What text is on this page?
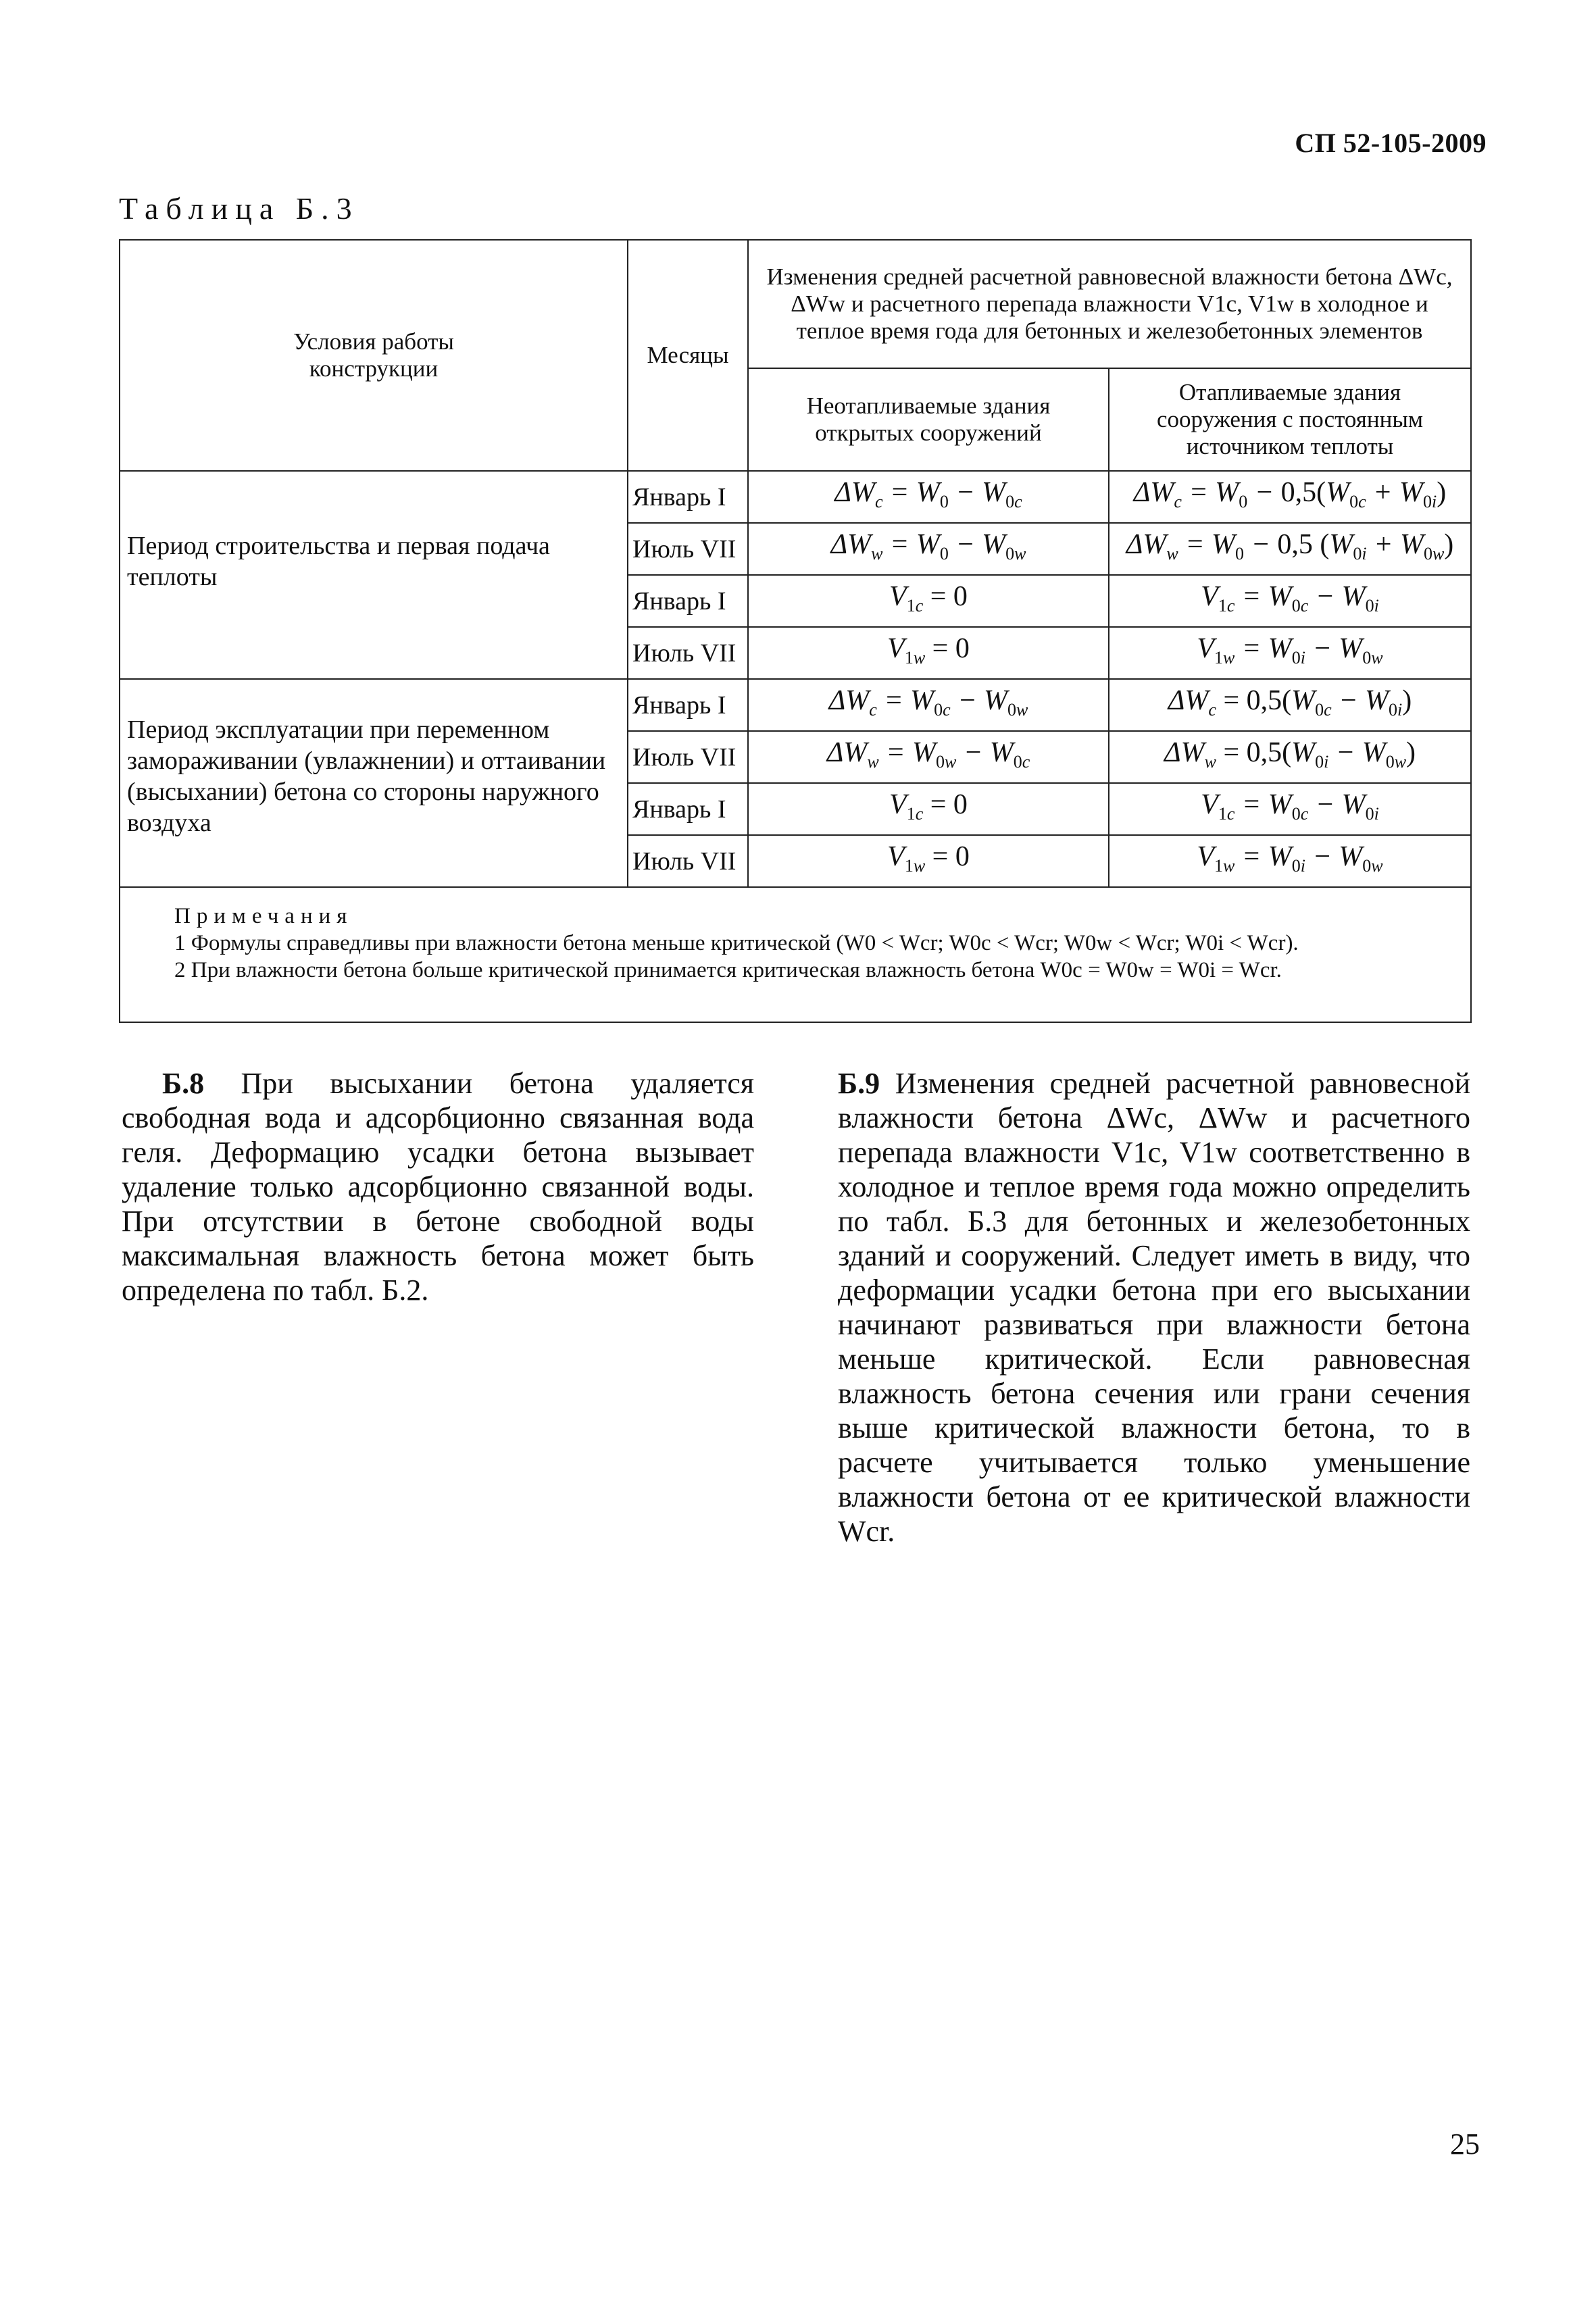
СП 52-105-2009
Таблица Б.3
Условия работы конструкции	Месяцы	Изменения средней расчетной равновесной влажности бетона ΔWc, ΔWw и расчетного перепада влажности V1c, V1w в холодное и теплое время года для бетонных и железобетонных элементов	
		Неотапливаемые здания открытых сооружений	Отапливаемые здания сооружения с постоянным источником теплоты
Период строительства и первая подача теплоты	Январь I	$\Delta W_c = W_0 - W_{0c}$	$\Delta W_c = W_0 - 0,5(W_{0c} + W_{0i})$
	Июль VII	$\Delta W_w = W_0 - W_{0w}$	$\Delta W_w = W_0 - 0,5$ $(W_{0i} + W_{0w})$
	Январь I	$V_{1c} = 0$	$V_{1c} = W_{0c} - W_{0i}$
	Июль VII	$V_{1w} = 0$	$V_{1w} = W_{0i} - W_{0w}$
Период эксплуатации при переменном замораживании (увлажнении) и оттаивании (высыхании) бетона со стороны наружного воздуха	Январь I	$\Delta W_c = W_{0c} - W_{0w}$	$\Delta W_c = 0,5(W_{0c} - W_{0i})$
	Июль VII	$\Delta W_w = W_{0w} - W_{0c}$	$\Delta W_w = 0,5(W_{0i} - W_{0w})$
	Январь I	$V_{1c} = 0$	$V_{1c} = W_{0c} - W_{0i}$
	Июль VII	$V_{1w} = 0$	$V_{1w} = W_{0i} - W_{0w}$

Примечания
1 Формулы справедливы при влажности бетона меньше критической (W0 < Wcr; W0c < Wcr; W0w < Wcr; W0i < Wcr).
2 При влажности бетона больше критической принимается критическая влажность бетона W0c = W0w = W0i = Wcr.			

Б.8 При высыхании бетона удаляется свободная вода и адсорбционно связанная вода геля. Деформацию усадки бетона вызывает удаление только адсорбционно связанной воды. При отсутствии в бетоне свободной воды максимальная влажность бетона может быть определена по табл. Б.2.

Б.9 Изменения средней расчетной равновесной влажности бетона ΔWc, ΔWw и расчетного перепада влажности V1c, V1w соответственно в холодное и теплое время года можно определить по табл. Б.3 для бетонных и железобетонных зданий и сооружений. Следует иметь в виду, что деформации усадки бетона при его высыхании начинают развиваться при влажности бетона меньше критической. Если равновесная влажность бетона сечения или грани сечения выше критической влажности бетона, то в расчете учитывается только уменьшение влажности бетона от ее критической влажности Wcr.

25
